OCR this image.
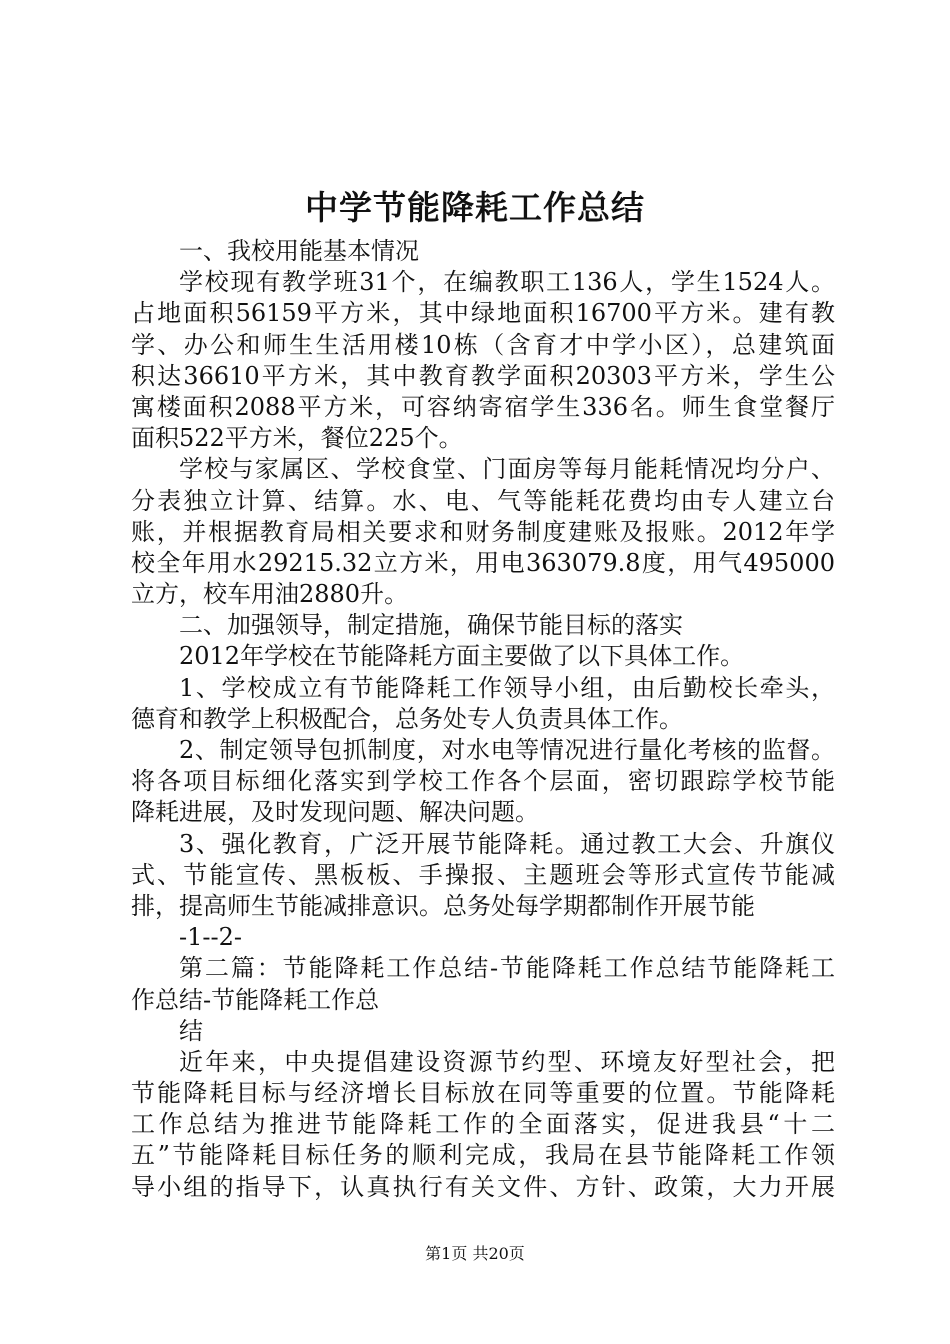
中学节能降耗工作总结
一、我校用能基本情况
学校现有教学班31个，在编教职工136人，学生1524人。
占地面积56159平方米，其中绿地面积16700平方米。建有教
学、办公和师生生活用楼10栋（含育才中学小区），总建筑面
积达36610平方米，其中教育教学面积20303平方米，学生公
寓楼面积2088平方米，可容纳寄宿学生336名。师生食堂餐厅
面积522平方米，餐位225个。
学校与家属区、学校食堂、门面房等每月能耗情况均分户、
分表独立计算、结算。水、电、气等能耗花费均由专人建立台
账，并根据教育局相关要求和财务制度建账及报账。2012年学
校全年用水29215.32立方米，用电363079.8度，用气495000
立方，校车用油2880升。
二、加强领导，制定措施，确保节能目标的落实
2012年学校在节能降耗方面主要做了以下具体工作。
1、学校成立有节能降耗工作领导小组，由后勤校长牵头，
德育和教学上积极配合，总务处专人负责具体工作。
2、制定领导包抓制度，对水电等情况进行量化考核的监督。
将各项目标细化落实到学校工作各个层面，密切跟踪学校节能
降耗进展，及时发现问题、解决问题。
3、强化教育，广泛开展节能降耗。通过教工大会、升旗仪
式、节能宣传、黑板板、手操报、主题班会等形式宣传节能减
排，提高师生节能减排意识。总务处每学期都制作开展节能
-1--2-
第二篇：节能降耗工作总结-节能降耗工作总结节能降耗工
作总结-节能降耗工作总
结
近年来，中央提倡建设资源节约型、环境友好型社会，把
节能降耗目标与经济增长目标放在同等重要的位置。节能降耗
工作总结为推进节能降耗工作的全面落实，促进我县“十二
五”节能降耗目标任务的顺利完成，我局在县节能降耗工作领
导小组的指导下，认真执行有关文件、方针、政策，大力开展
第1页 共20页
